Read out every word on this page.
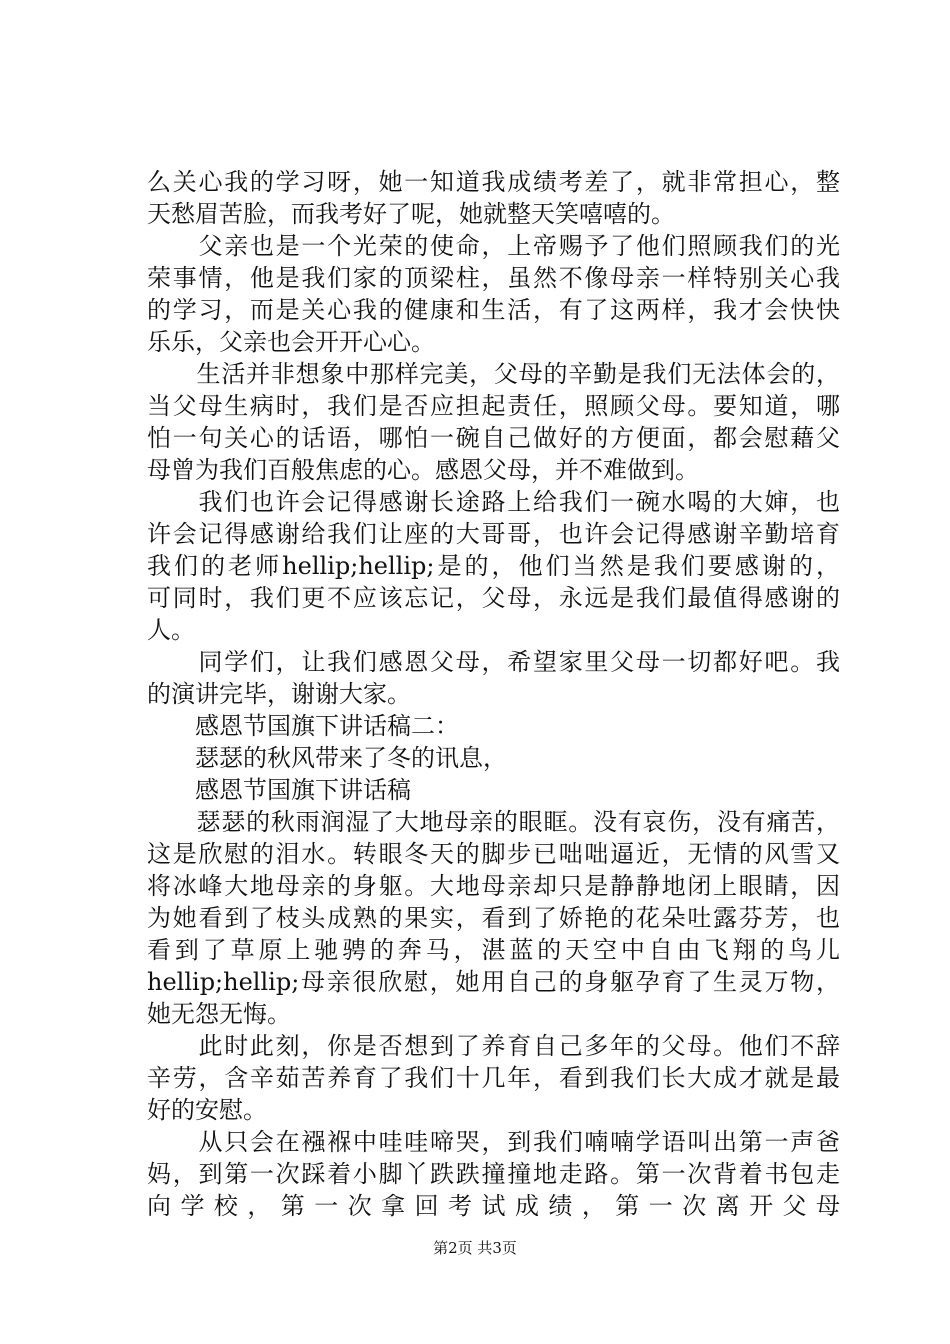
么关心我的学习呀，她一知道我成绩考差了，就非常担心，整
天愁眉苦脸，而我考好了呢，她就整天笑嘻嘻的。
　　父亲也是一个光荣的使命，上帝赐予了他们照顾我们的光
荣事情，他是我们家的顶梁柱，虽然不像母亲一样特别关心我
的学习，而是关心我的健康和生活，有了这两样，我才会快快
乐乐，父亲也会开开心心。
　　生活并非想象中那样完美，父母的辛勤是我们无法体会的，
当父母生病时，我们是否应担起责任，照顾父母。要知道，哪
怕一句关心的话语，哪怕一碗自己做好的方便面，都会慰藉父
母曾为我们百般焦虑的心。感恩父母，并不难做到。
　　我们也许会记得感谢长途路上给我们一碗水喝的大婶，也
许会记得感谢给我们让座的大哥哥，也许会记得感谢辛勤培育
我们的老师hellip;hellip;是的，他们当然是我们要感谢的，
可同时，我们更不应该忘记，父母，永远是我们最值得感谢的
人。
　　同学们，让我们感恩父母，希望家里父母一切都好吧。我
的演讲完毕，谢谢大家。
　　感恩节国旗下讲话稿二：
　　瑟瑟的秋风带来了冬的讯息，
　　感恩节国旗下讲话稿
　　瑟瑟的秋雨润湿了大地母亲的眼眶。没有哀伤，没有痛苦，
这是欣慰的泪水。转眼冬天的脚步已咄咄逼近，无情的风雪又
将冰峰大地母亲的身躯。大地母亲却只是静静地闭上眼睛，因
为她看到了枝头成熟的果实，看到了娇艳的花朵吐露芬芳，也
看到了草原上驰骋的奔马，湛蓝的天空中自由飞翔的鸟儿
hellip;hellip;母亲很欣慰，她用自己的身躯孕育了生灵万物，
她无怨无悔。
　　此时此刻，你是否想到了养育自己多年的父母。他们不辞
辛劳，含辛茹苦养育了我们十几年，看到我们长大成才就是最
好的安慰。
　　从只会在襁褓中哇哇啼哭，到我们喃喃学语叫出第一声爸
妈，到第一次踩着小脚丫跌跌撞撞地走路。第一次背着书包走
向学校，第一次拿回考试成绩，第一次离开父母
第2页 共3页
